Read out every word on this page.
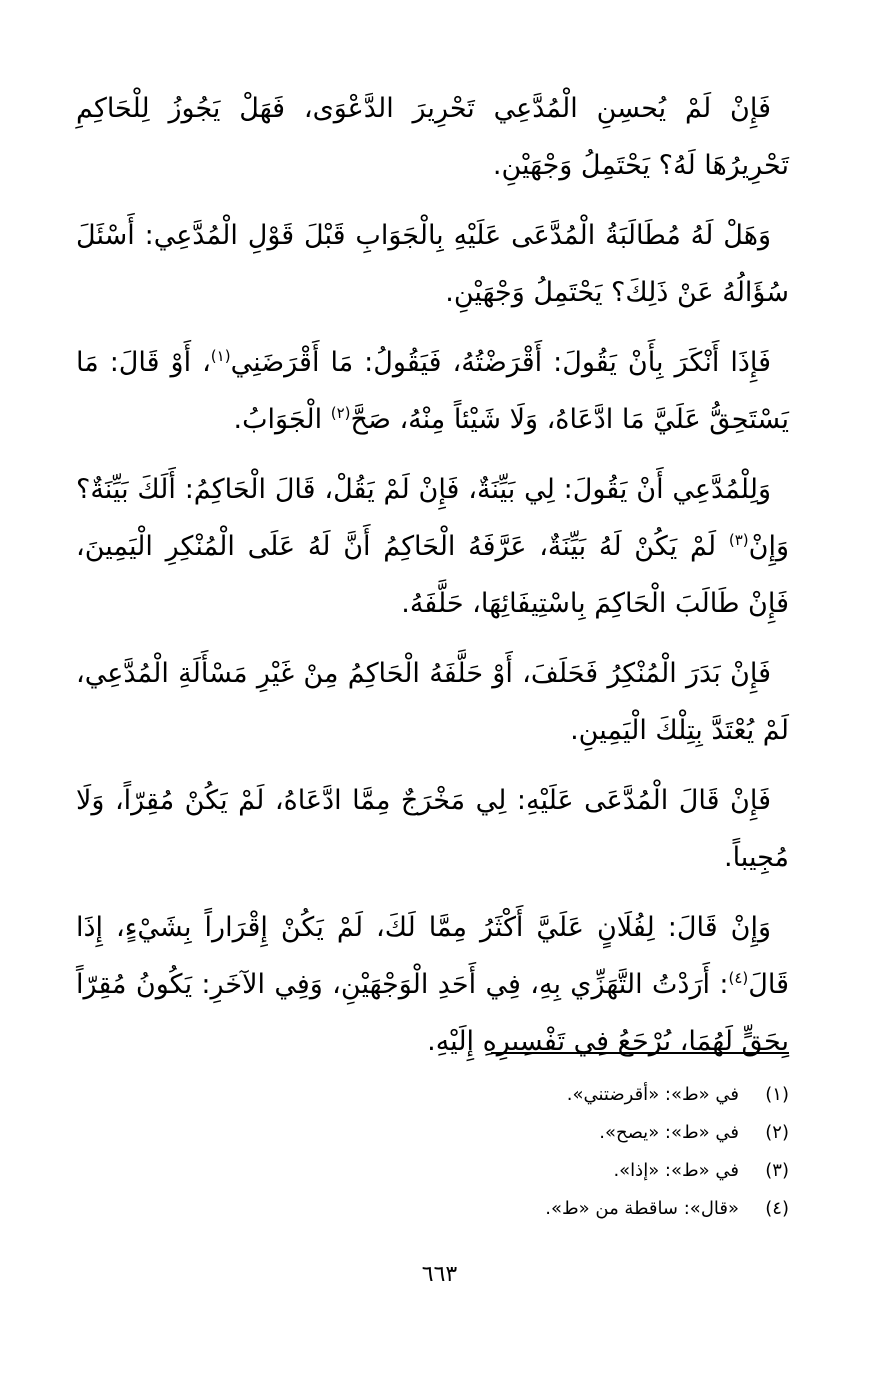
فَإِنْ لَمْ يُحسِنِ الْمُدَّعِي تَحْرِيرَ الدَّعْوَى، فَهَلْ يَجُوزُ لِلْحَاكِمِ تَحْرِيرُهَا لَهُ؟ يَحْتَمِلُ وَجْهَيْنِ.

وَهَلْ لَهُ مُطَالَبَةُ الْمُدَّعَى عَلَيْهِ بِالْجَوَابِ قَبْلَ قَوْلِ الْمُدَّعِي: أَسْئَلَ سُؤَالُهُ عَنْ ذَلِكَ؟ يَحْتَمِلُ وَجْهَيْنِ.

فَإِذَا أَنْكَرَ بِأَنْ يَقُولَ: أَقْرَضْتُهُ، فَيَقُولُ: مَا أَقْرَضَنِي$^{(١)}$، أَوْ قَالَ: مَا يَسْتَحِقُّ عَلَيَّ مَا ادَّعَاهُ، وَلَا شَيْئاً مِنْهُ، صَحَّ$^{(٢)}$ الْجَوَابُ.

وَلِلْمُدَّعِي أَنْ يَقُولَ: لِي بَيِّنَةٌ، فَإِنْ لَمْ يَقُلْ، قَالَ الْحَاكِمُ: أَلَكَ بَيِّنَةٌ؟ وَإِنْ$^{(٣)}$ لَمْ يَكُنْ لَهُ بَيِّنَةٌ، عَرَّفَهُ الْحَاكِمُ أَنَّ لَهُ عَلَى الْمُنْكِرِ الْيَمِينَ، فَإِنْ طَالَبَ الْحَاكِمَ بِاسْتِيفَائِهَا، حَلَّفَهُ.

فَإِنْ بَدَرَ الْمُنْكِرُ فَحَلَفَ، أَوْ حَلَّفَهُ الْحَاكِمُ مِنْ غَيْرِ مَسْأَلَةِ الْمُدَّعِي، لَمْ يُعْتَدَّ بِتِلْكَ الْيَمِينِ.

فَإِنْ قَالَ الْمُدَّعَى عَلَيْهِ: لِي مَخْرَجٌ مِمَّا ادَّعَاهُ، لَمْ يَكُنْ مُقِرّاً، وَلَا مُجِيباً.

وَإِنْ قَالَ: لِفُلَانٍ عَلَيَّ أَكْثَرُ مِمَّا لَكَ، لَمْ يَكُنْ إِقْرَاراً بِشَيْءٍ، إِذَا قَالَ$^{(٤)}$: أَرَدْتُ التَّهَزِّي بِهِ، فِي أَحَدِ الْوَجْهَيْنِ، وَفِي الآخَرِ: يَكُونُ مُقِرّاً بِحَقٍّ لَهُمَا، يُرْجَعُ فِي تَفْسِيرِهِ إِلَيْهِ.

(١)
في «ط»: «أقرضتني».
(٢)
في «ط»: «يصح».
(٣)
في «ط»: «إذا».
(٤)
«قال»: ساقطة من «ط».
٦٦٣
